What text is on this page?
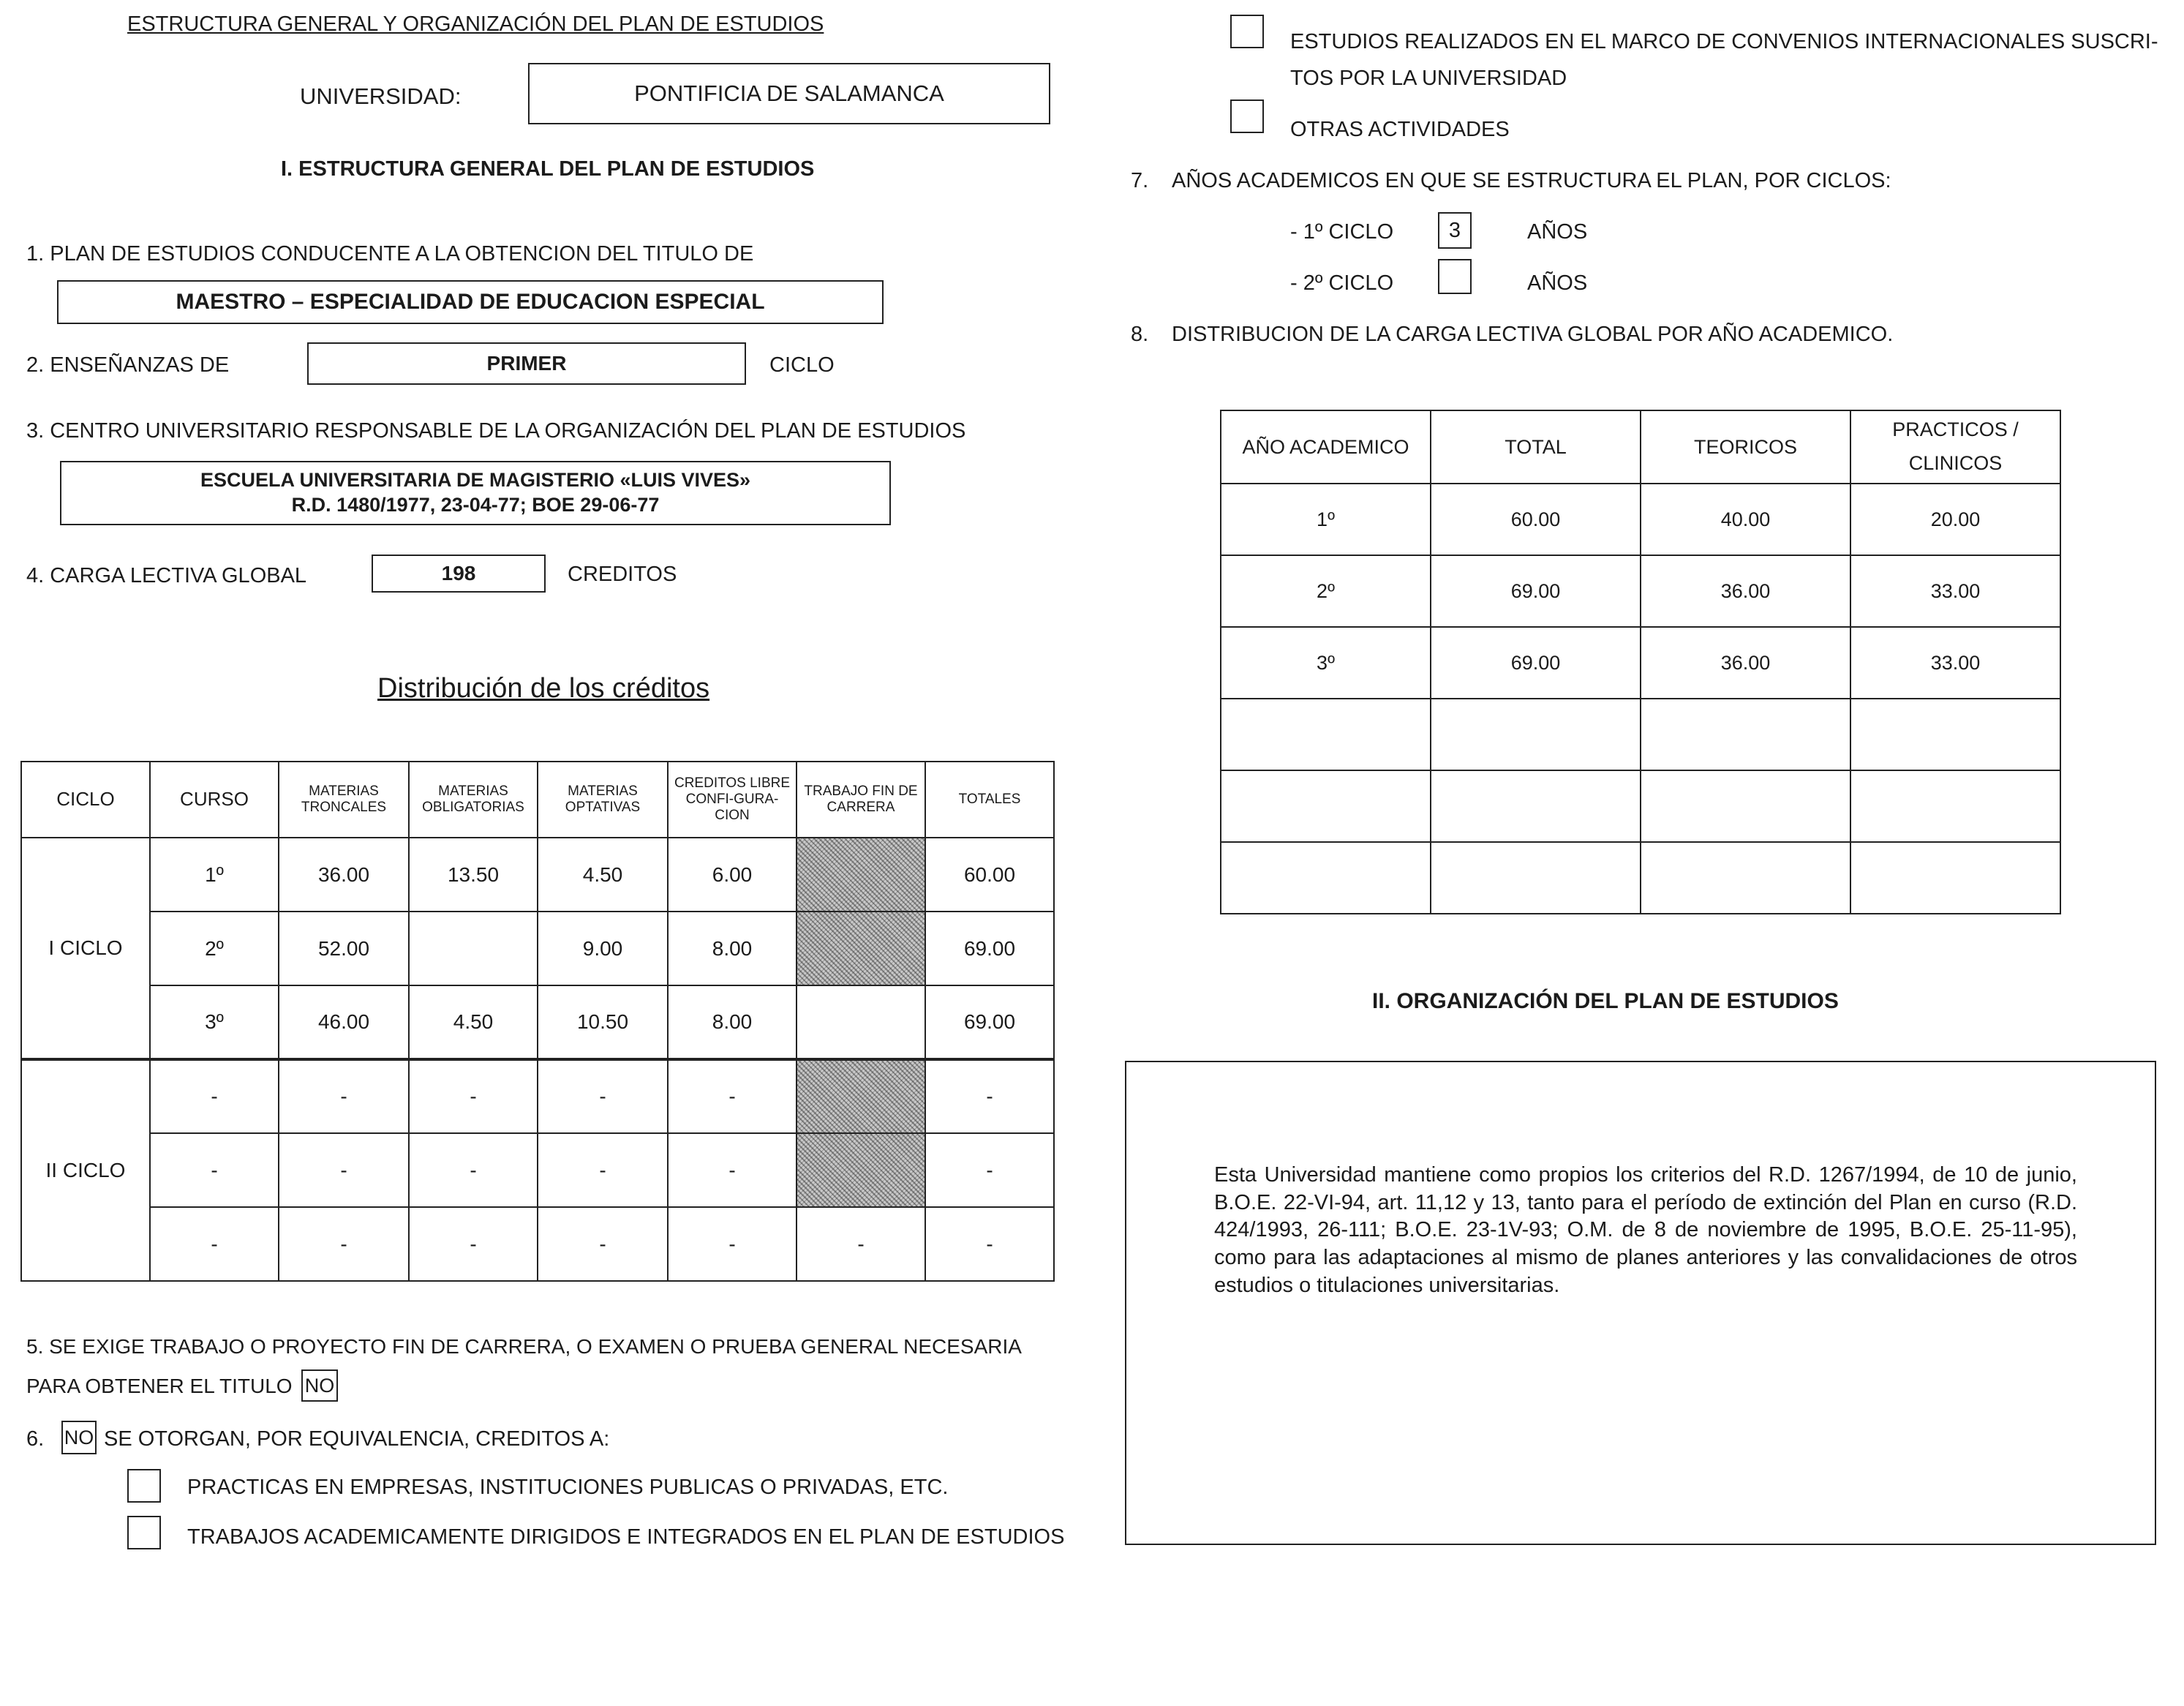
ESTRUCTURA GENERAL Y ORGANIZACIÓN DEL PLAN DE ESTUDIOS
UNIVERSIDAD:	PONTIFICIA DE SALAMANCA
I. ESTRUCTURA GENERAL DEL PLAN DE ESTUDIOS
1. PLAN DE ESTUDIOS CONDUCENTE A LA OBTENCION DEL TITULO DE
MAESTRO – ESPECIALIDAD DE EDUCACION ESPECIAL
2. ENSEÑANZAS DE	PRIMER	CICLO
3. CENTRO UNIVERSITARIO RESPONSABLE DE LA ORGANIZACIÓN DEL PLAN DE ESTUDIOS
ESCUELA UNIVERSITARIA DE MAGISTERIO «LUIS VIVES»
R.D. 1480/1977, 23-04-77; BOE 29-06-77
4. CARGA LECTIVA GLOBAL	198	CREDITOS
Distribución de los créditos
CICLO	CURSO	MATERIAS TRONCALES	MATERIAS OBLIGATORIAS	MATERIAS OPTATIVAS	CREDITOS LIBRE CONFI-GURA-CION	TRABAJO FIN DE CARRERA	TOTALES
I CICLO	1º	36.00	13.50	4.50	6.00		60.00
	2º	52.00		9.00	8.00		69.00
	3º	46.00	4.50	10.50	8.00		69.00
II CICLO	-	-	-	-	-		-
	-	-	-	-	-		-
	-	-	-	-	-	-	-
5. SE EXIGE TRABAJO O PROYECTO FIN DE CARRERA, O EXAMEN O PRUEBA GENERAL NECESARIA
PARA OBTENER EL TITULO NO
6. NO SE OTORGAN, POR EQUIVALENCIA, CREDITOS A:
PRACTICAS EN EMPRESAS, INSTITUCIONES PUBLICAS O PRIVADAS, ETC.
TRABAJOS ACADEMICAMENTE DIRIGIDOS E INTEGRADOS EN EL PLAN DE ESTUDIOS
ESTUDIOS REALIZADOS EN EL MARCO DE CONVENIOS INTERNACIONALES SUSCRI-
TOS POR LA UNIVERSIDAD
OTRAS ACTIVIDADES
7. AÑOS ACADEMICOS EN QUE SE ESTRUCTURA EL PLAN, POR CICLOS:
- 1º CICLO	3	AÑOS
- 2º CICLO	AÑOS
8. DISTRIBUCION DE LA CARGA LECTIVA GLOBAL POR AÑO ACADEMICO.
AÑO ACADEMICO	TOTAL	TEORICOS	PRACTICOS / CLINICOS
1º	60.00	40.00	20.00
2º	69.00	36.00	33.00
3º	69.00	36.00	33.00

II. ORGANIZACIÓN DEL PLAN DE ESTUDIOS
Esta Universidad mantiene como propios los criterios del R.D. 1267/1994, de 10 de junio, B.O.E. 22-VI-94, art. 11,12 y 13, tanto para el período de extinción del Plan en curso (R.D. 424/1993, 26-111; B.O.E. 23-1V-93; O.M. de 8 de noviembre de 1995, B.O.E. 25-11-95), como para las adaptaciones al mismo de planes anteriores y las convalidaciones de otros estudios o titulaciones universitarias.
